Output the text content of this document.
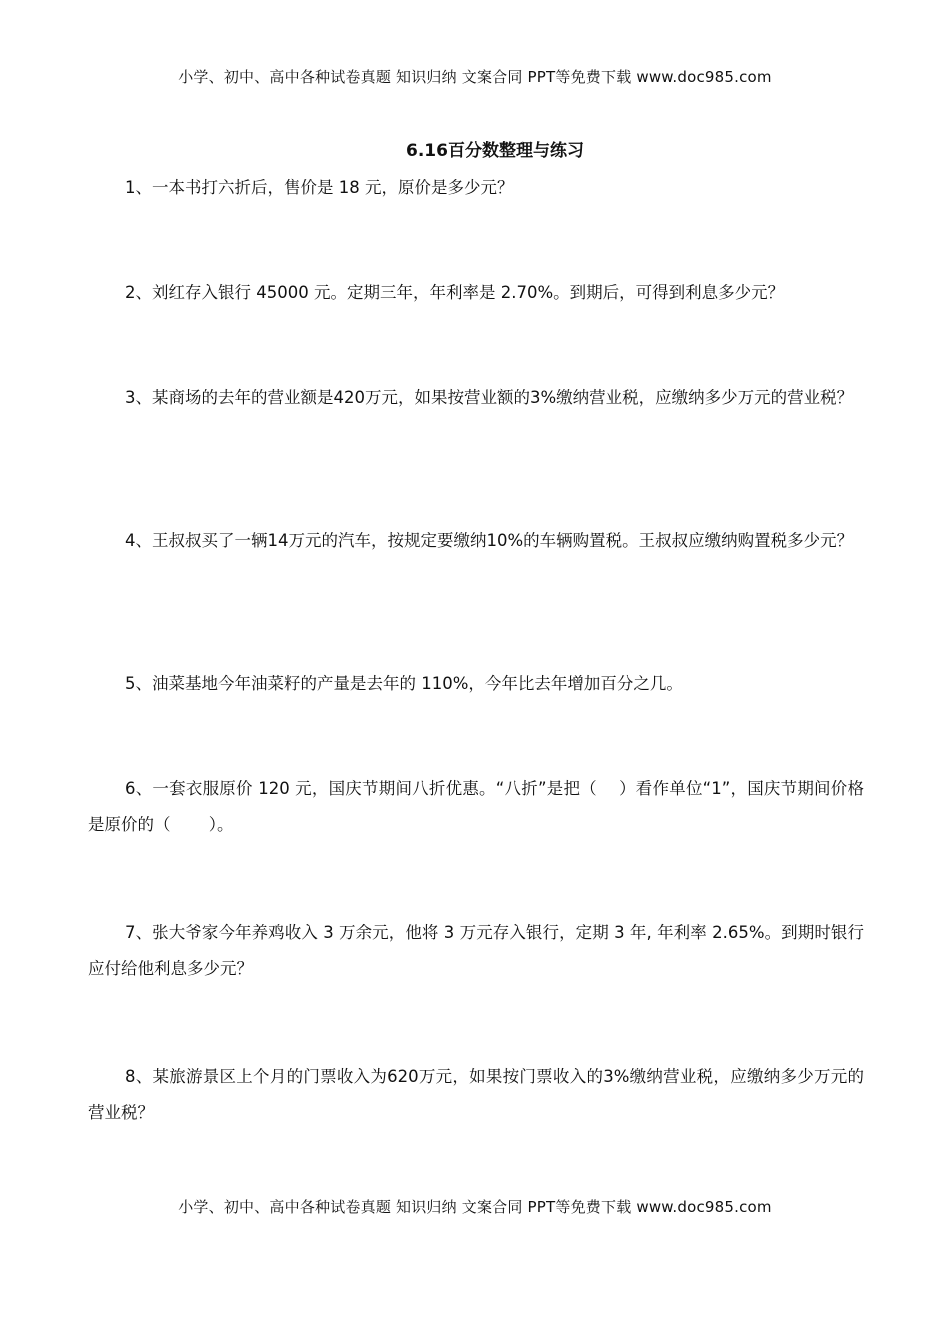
小学、初中、高中各种试卷真题 知识归纳 文案合同 PPT等免费下载 www.doc985.com
6.16百分数整理与练习

1、一本书打六折后，售价是 18 元，原价是多少元？

2、刘红存入银行 45000 元。定期三年，年利率是 2.70%。到期后，可得到利息多少元？

3、某商场的去年的营业额是420万元，如果按营业额的3%缴纳营业税，应缴纳多少万元的营业税？

4、王叔叔买了一辆14万元的汽车，按规定要缴纳10%的车辆购置税。王叔叔应缴纳购置税多少元？

5、油菜基地今年油菜籽的产量是去年的 110%，今年比去年增加百分之几。

6、一套衣服原价 120 元，国庆节期间八折优惠。“八折”是把（　 ）看作单位“1”，国庆节期间价格是原价的（　　 ）。

7、张大爷家今年养鸡收入 3 万余元，他将 3 万元存入银行，定期 3 年, 年利率 2.65%。到期时银行应付给他利息多少元？

8、某旅游景区上个月的门票收入为620万元，如果按门票收入的3%缴纳营业税，应缴纳多少万元的营业税？

小学、初中、高中各种试卷真题 知识归纳 文案合同 PPT等免费下载 www.doc985.com
